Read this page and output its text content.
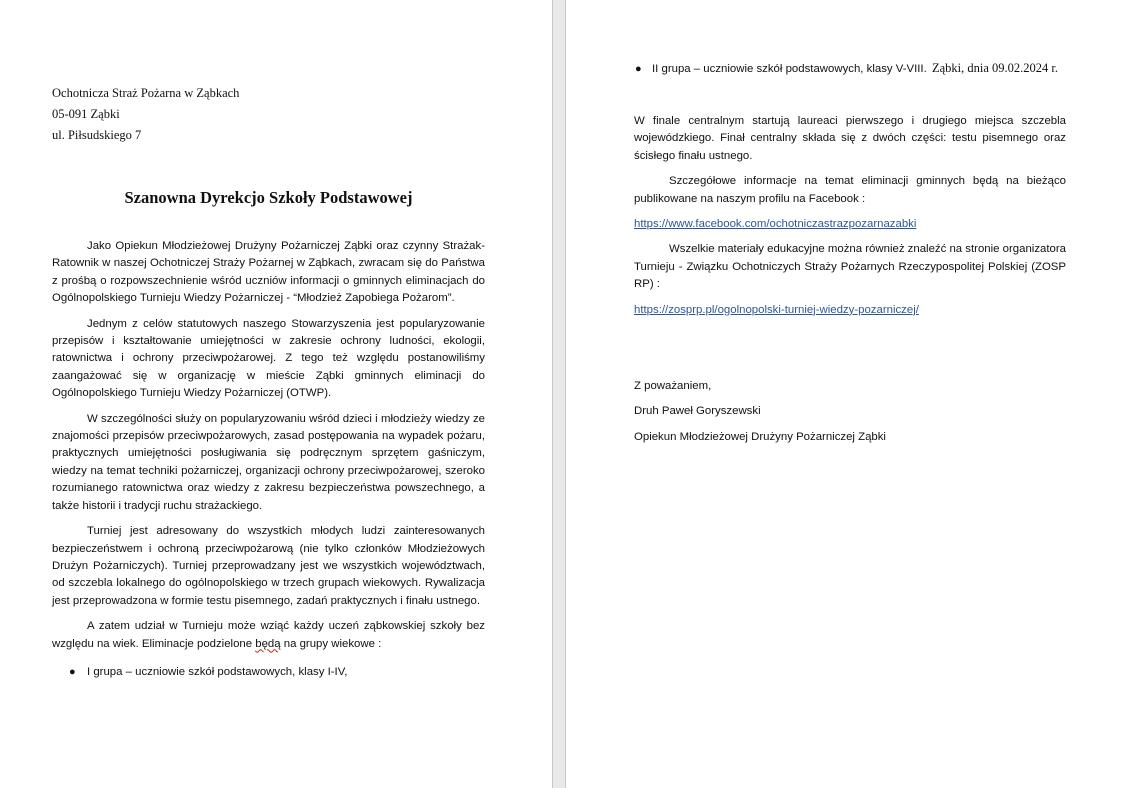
Ząbki, dnia 09.02.2024 r.
Ochotnicza Straż Pożarna w Ząbkach
05-091 Ząbki
ul. Piłsudskiego 7
Szanowna Dyrekcjo Szkoły Podstawowej

Jako Opiekun Młodzieżowej Drużyny Pożarniczej Ząbki oraz czynny Strażak-Ratownik w naszej Ochotniczej Straży Pożarnej w Ząbkach, zwracam się do Państwa z prośbą o rozpowszechnienie wśród uczniów informacji o gminnych eliminacjach do Ogólnopolskiego Turnieju Wiedzy Pożarniczej - “Młodzież Zapobiega Pożarom”.

Jednym z celów statutowych naszego Stowarzyszenia jest popularyzowanie przepisów i kształtowanie umiejętności w zakresie ochrony ludności, ekologii, ratownictwa i ochrony przeciwpożarowej. Z tego też względu postanowiliśmy zaangażować się w organizację w mieście Ząbki gminnych eliminacji do Ogólnopolskiego Turnieju Wiedzy Pożarniczej (OTWP).

W szczególności służy on popularyzowaniu wśród dzieci i młodzieży wiedzy ze znajomości przepisów przeciwpożarowych, zasad postępowania na wypadek pożaru, praktycznych umiejętności posługiwania się podręcznym sprzętem gaśniczym, wiedzy na temat techniki pożarniczej, organizacji ochrony przeciwpożarowej, szeroko rozumianego ratownictwa oraz wiedzy z zakresu bezpieczeństwa powszechnego, a także historii i tradycji ruchu strażackiego.

Turniej jest adresowany do wszystkich młodych ludzi zainteresowanych bezpieczeństwem i ochroną przeciwpożarową (nie tylko członków Młodzieżowych Drużyn Pożarniczych). Turniej przeprowadzany jest we wszystkich województwach, od szczebla lokalnego do ogólnopolskiego w trzech grupach wiekowych. Rywalizacja jest przeprowadzona w formie testu pisemnego, zadań praktycznych i finału ustnego.

A zatem udział w Turnieju może wziąć każdy uczeń ząbkowskiej szkoły bez względu na wiek. Eliminacje podzielone będą na grupy wiekowe :

● I grupa – uczniowie szkół podstawowych, klasy I-IV,
● II grupa – uczniowie szkół podstawowych, klasy V-VIII.

W finale centralnym startują laureaci pierwszego i drugiego miejsca szczebla wojewódzkiego. Finał centralny składa się z dwóch części: testu pisemnego oraz ścisłego finału ustnego.

Szczegółowe informacje na temat eliminacji gminnych będą na bieżąco publikowane na naszym profilu na Facebook :

https://www.facebook.com/ochotniczastrazpozarnazabki

Wszelkie materiały edukacyjne można również znaleźć na stronie organizatora Turnieju - Związku Ochotniczych Straży Pożarnych Rzeczypospolitej Polskiej (ZOSP RP) :

https://zosprp.pl/ogolnopolski-turniej-wiedzy-pozarniczej/

Z poważaniem,
Druh Paweł Goryszewski
Opiekun Młodzieżowej Drużyny Pożarniczej Ząbki
